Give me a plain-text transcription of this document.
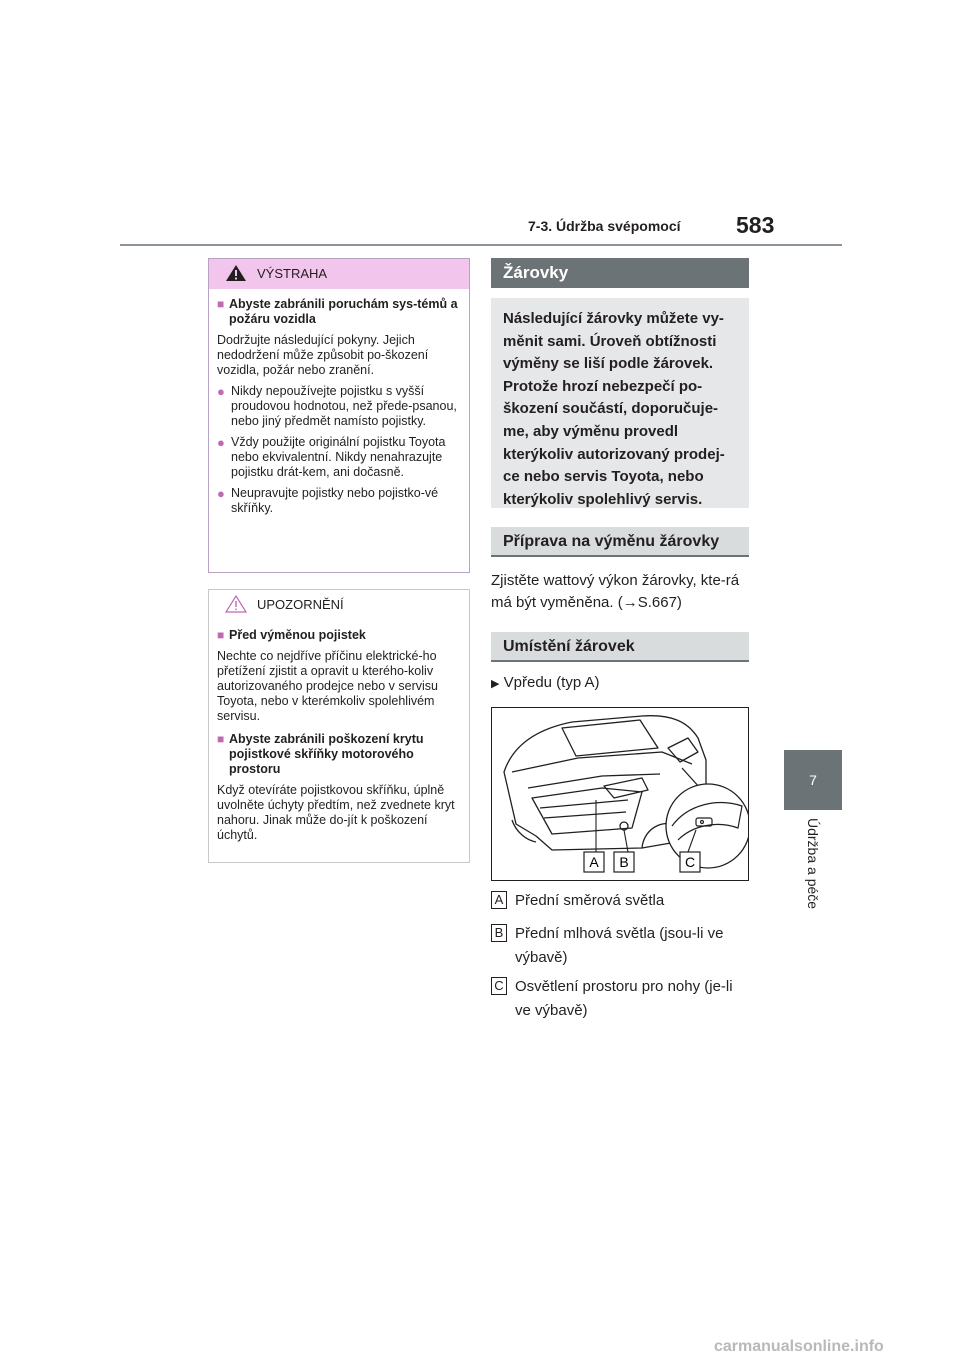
7-3. Údržba svépomocí 583
7
Údržba a péče
VÝSTRAHA
■ Abyste zabránili poruchám sys-témů a požáru vozidla
Dodržujte následující pokyny. Jejich nedodržení může způsobit po-škození vozidla, požár nebo zranění.
● Nikdy nepoužívejte pojistku s vyšší proudovou hodnotou, než přede-psanou, nebo jiný předmět namísto pojistky.
● Vždy použijte originální pojistku Toyota nebo ekvivalentní. Nikdy nenahrazujte pojistku drát-kem, ani dočasně.
● Neupravujte pojistky nebo pojistko-vé skříňky.
UPOZORNĚNÍ
■ Před výměnou pojistek
Nechte co nejdříve příčinu elektrické-ho přetížení zjistit a opravit u kterého-koliv autorizovaného prodejce nebo v servisu Toyota, nebo v kterémkoliv spolehlivém servisu.
■ Abyste zabránili poškození krytu pojistkové skříňky motorového prostoru
Když otevíráte pojistkovou skříňku, úplně uvolněte úchyty předtím, než zvednete kryt nahoru. Jinak může do-jít k poškození úchytů.
Žárovky
Následující žárovky můžete vy-měnit sami. Úroveň obtížnosti výměny se liší podle žárovek. Protože hrozí nebezpečí po-škození součástí, doporučuje-me, aby výměnu provedl kterýkoliv autorizovaný prodej-ce nebo servis Toyota, nebo kterýkoliv spolehlivý servis.
Příprava na výměnu žárovky
Zjistěte wattový výkon žárovky, kte-rá má být vyměněna. (→S.667)
Umístění žárovek
▶ Vpředu (typ A)
A B	C
A Přední směrová světla
B Přední mlhová světla (jsou-li ve výbavě)
C Osvětlení prostoru pro nohy (je-li ve výbavě)
carmanualsonline.info
